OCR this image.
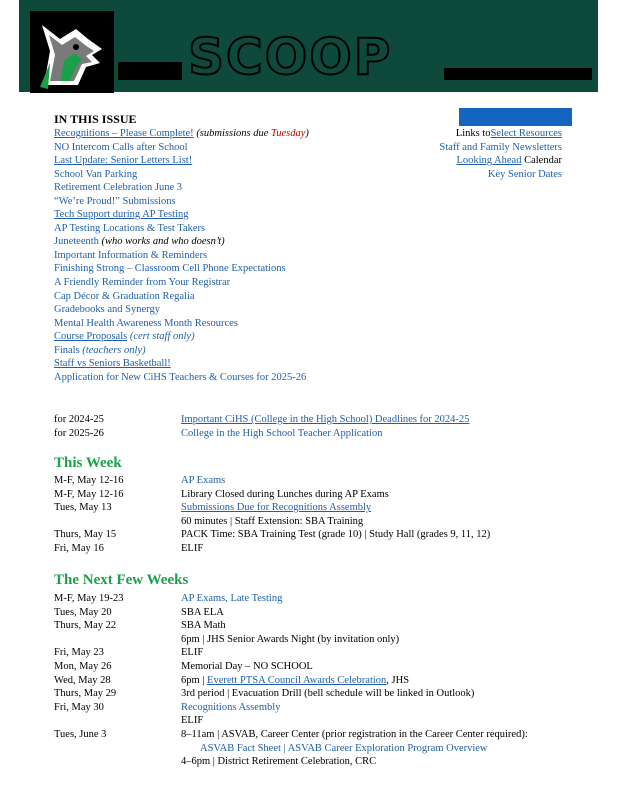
SCOOP
IN THIS ISSUE
Recognitions – Please Complete! (submissions due Tuesday)
NO Intercom Calls after School
Last Update: Senior Letters List!
School Van Parking
Retirement Celebration June 3
“We’re Proud!” Submissions
Tech Support during AP Testing
AP Testing Locations & Test Takers
Juneteenth (who works and who doesn’t)
Important Information & Reminders
Finishing Strong – Classroom Cell Phone Expectations
A Friendly Reminder from Your Registrar
Cap Décor & Graduation Regalia
Gradebooks and Synergy
Mental Health Awareness Month Resources
Course Proposals (cert staff only)
Finals (teachers only)
Staff vs Seniors Basketball!
Application for New CiHS Teachers & Courses for 2025-26
Links toSelect Resources
Staff and Family Newsletters
Looking Ahead Calendar
Key Senior Dates
for 2024-25	Important CiHS (College in the High School) Deadlines for 2024-25
for 2025-26	College in the High School Teacher Application
This Week
M-F, May 12-16	AP Exams
M-F, May 12-16	Library Closed during Lunches during AP Exams
Tues, May 13	Submissions Due for Recognitions Assembly
60 minutes | Staff Extension: SBA Training
Thurs, May 15	PACK Time: SBA Training Test (grade 10) | Study Hall (grades 9, 11, 12)
Fri, May 16	ELIF
The Next Few Weeks
M-F, May 19-23	AP Exams, Late Testing
Tues, May 20	SBA ELA
Thurs, May 22	SBA Math
6pm | JHS Senior Awards Night (by invitation only)
Fri, May 23	ELIF
Mon, May 26	Memorial Day – NO SCHOOL
Wed, May 28	6pm | Everett PTSA Council Awards Celebration, JHS
Thurs, May 29	3rd period | Evacuation Drill (bell schedule will be linked in Outlook)
Fri, May 30	Recognitions Assembly
ELIF
Tues, June 3	8–11am | ASVAB, Career Center (prior registration in the Career Center required):
ASVAB Fact Sheet | ASVAB Career Exploration Program Overview
4–6pm | District Retirement Celebration, CRC
